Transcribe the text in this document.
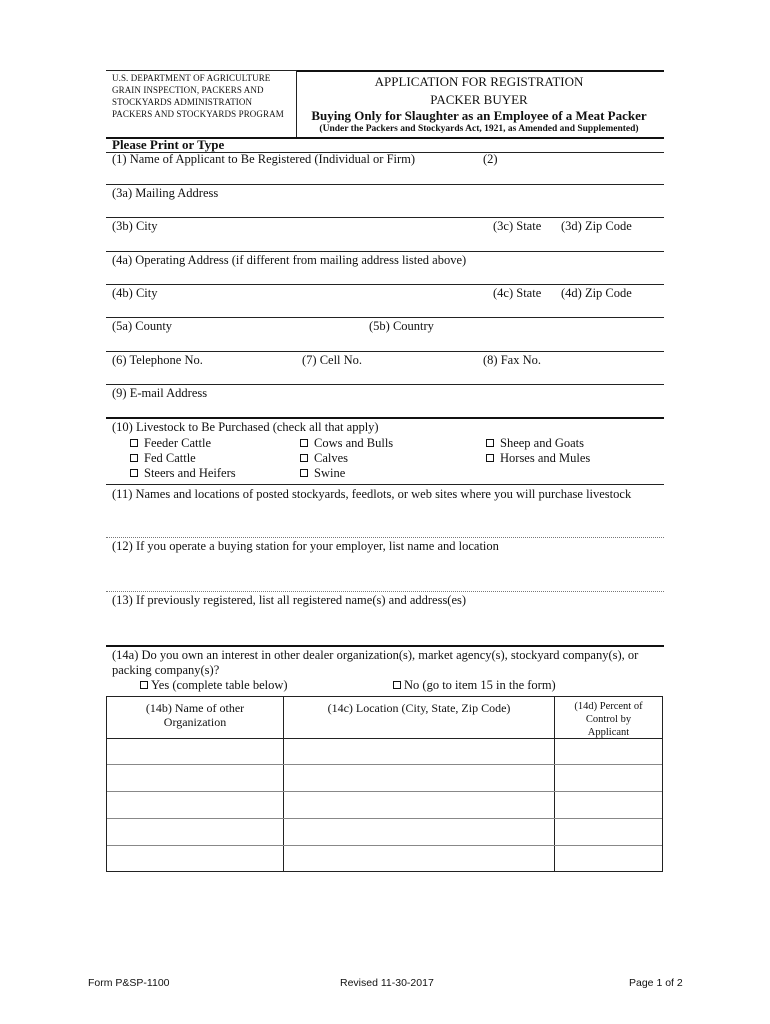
U.S. DEPARTMENT OF AGRICULTURE
GRAIN INSPECTION, PACKERS AND
STOCKYARDS ADMINISTRATION
PACKERS AND STOCKYARDS PROGRAM
APPLICATION FOR REGISTRATION
PACKER BUYER
Buying Only for Slaughter as an Employee of a Meat Packer
(Under the Packers and Stockyards Act, 1921, as Amended and Supplemented)
Please Print or Type
(1) Name of Applicant to Be Registered (Individual or Firm)	(2)
(3a) Mailing Address
(3b) City	(3c) State (3d) Zip Code
(4a) Operating Address (if different from mailing address listed above)
(4b) City	(4c) State (4d) Zip Code
(5a) County	(5b) Country
(6) Telephone No.	(7) Cell No.	(8) Fax No.
(9) E-mail Address
(10) Livestock to Be Purchased (check all that apply)
Feeder Cattle
Fed Cattle
Steers and Heifers
Cows and Bulls
Calves
Swine
Sheep and Goats
Horses and Mules
(11) Names and locations of posted stockyards, feedlots, or web sites where you will purchase livestock
(12) If you operate a buying station for your employer, list name and location
(13) If previously registered, list all registered name(s) and address(es)
(14a) Do you own an interest in other dealer organization(s), market agency(s), stockyard company(s), or
packing company(s)?
Yes (complete table below)	No (go to item 15 in the form)
(14b) Name of other
Organization
(14c) Location (City, State, Zip Code)	(14d) Percent of
Control by
Applicant
Form P&SP-1100	Revised 11-30-2017	Page 1 of 2
